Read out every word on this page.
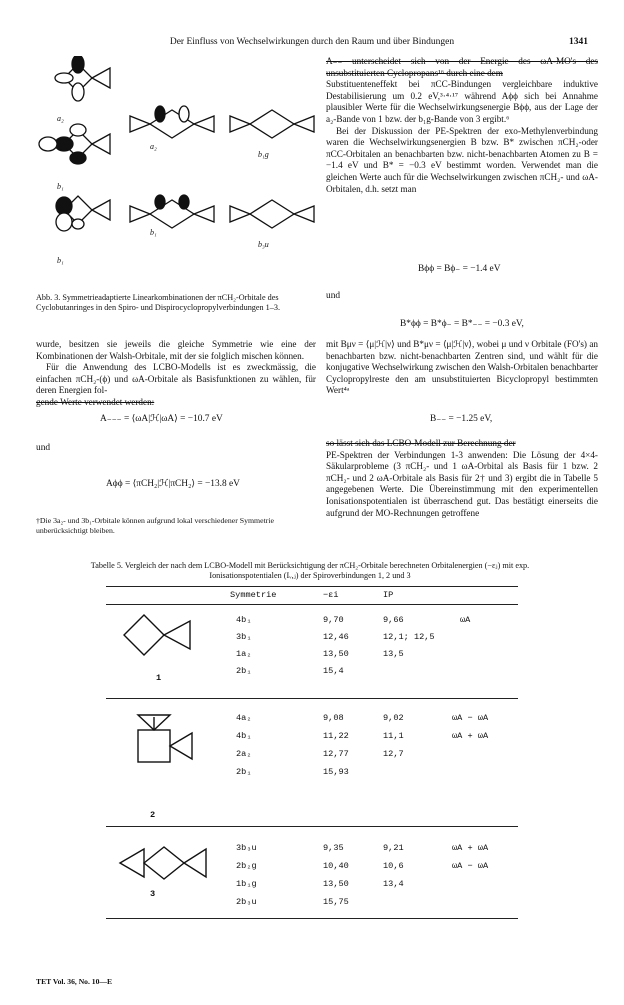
Der Einfluss von Wechselwirkungen durch den Raum und über Bindungen	1341
a₂
b₁
b₁
a₂
b₁
b₁g
b₃u
Abb. 3. Symmetrieadaptierte Linearkombinationen der πCH₂-Orbitale des Cyclobutanringes in den Spiro- und Dispirocyclopropylverbindungen 1–3.

wurde, besitzen sie jeweils die gleiche Symmetrie wie eine der Kombinationen der Walsh-Orbitale, mit der sie folglich mischen können.

Für die Anwendung des LCBO-Modells ist es zweckmässig, die einfachen πCH₂-(ϕ) und ωA-Orbitale als Basisfunktionen zu wählen, für deren Energien fol-

gende Werte verwendet werden:

A₋₋₋ = ⟨ωA|ℋ|ωA⟩ = −10.7 eV
und
Aϕϕ = ⟨πCH₂|ℋ|πCH₂⟩ = −13.8 eV
†Die 3a₂- und 3b₁-Orbitale können aufgrund lokal verschiedener Symmetrie unberücksichtigt bleiben.

A₋₋ unterscheidet sich von der Energie des ωA-MO's des unsubstituierten Cyclopropans¹⁶ durch eine dem

Substituenteneffekt bei πCC-Bindungen vergleichbare induktive Destabilisierung um 0.2 eV,³·⁴·¹⁷ während Aϕϕ sich bei Annahme plausibler Werte für die Wechselwirkungsenergie Bϕϕ, aus der Lage der a₂-Bande von 1 bzw. der b₁g-Bande von 3 ergibt.⁶

Bei der Diskussion der PE-Spektren der exo-Methylenverbindung waren die Wechselwirkungsenergien B bzw. B* zwischen πCH₂-oder πCC-Orbitalen an benachbarten bzw. nicht-benachbarten Atomen zu B = −1.4 eV und B* = −0.3 eV bestimmt worden. Verwendet man die gleichen Werte auch für die Wechselwirkungen zwischen πCH₂- und ωA-Orbitalen, d.h. setzt man

Bϕϕ = Bϕ₋ = −1.4 eV
und
B*ϕϕ = B*ϕ₋ = B*₋₋ = −0.3 eV,
mit Bμν = ⟨μ|ℋ|ν⟩ und B*μν = ⟨μ|ℋ|ν⟩, wobei μ und ν Orbitale (FO's) an benachbarten bzw. nicht-benachbarten Zentren sind, und wählt für die konjugative Wechselwirkung zwischen den Walsh-Orbitalen benachbarter Cyclopropylreste den am unsubstituierten Bicyclopropyl bestimmten Wert⁴ᵃ
B₋₋ = −1.25 eV,

so lässt sich das LCBO-Modell zur Berechnung der

PE-Spektren der Verbindungen 1-3 anwenden: Die Lösung der 4×4-Säkularprobleme (3 πCH₂- und 1 ωA-Orbital als Basis für 1 bzw. 2 πCH₂- und 2 ωA-Orbitale als Basis für 2† und 3) ergibt die in Tabelle 5 angegebenen Werte. Die Übereinstimmung mit den experimentellen Ionisationspotentialen ist überraschend gut. Das bestätigt einerseits die aufgrund der MO-Rechnungen getroffene

Tabelle 5. Vergleich der nach dem LCBO-Modell mit Berücksichtigung der πCH₂-Orbitale berechneten Orbitalenergien (−εⱼ) mit exp. Ionisationspotentialen (Iᵥ,ⱼ) der Spiroverbindungen 1, 2 und 3
Symmetrie	−εi	IP
4b₁	9,70	9,66	ωA
3b₁	12,46	12,1; 12,5
1a₂	13,50	13,5
2b₁	15,4
1
4a₂	9,08	9,02	ωA − ωA
4b₁	11,22	11,1	ωA + ωA
2a₂	12,77	12,7
2b₁	15,93
2
3b₃u	9,35	9,21	ωA + ωA
2b₂g	10,40	10,6	ωA − ωA
1b₁g	13,50	13,4
2b₃u	15,75
3
TET Vol. 36, No. 10—E
